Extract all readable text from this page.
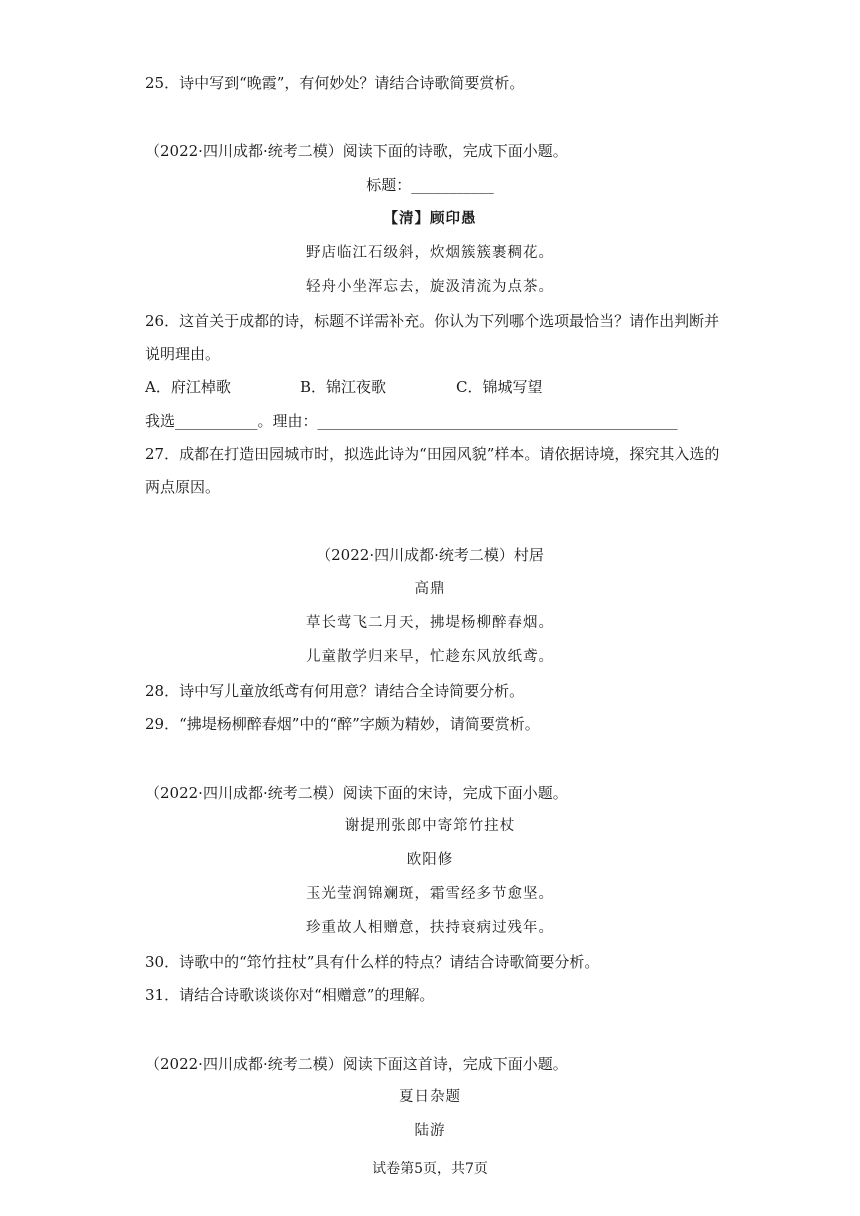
25．诗中写到“晚霞”，有何妙处？请结合诗歌简要赏析。
（2022·四川成都·统考二模）阅读下面的诗歌，完成下面小题。
标题：___________
【清】顾印愚
野店临江石级斜，炊烟簇簇裹稠花。
轻舟小坐浑忘去，旋汲清流为点茶。
26．这首关于成都的诗，标题不详需补充。你认为下列哪个选项最恰当？请作出判断并
说明理由。
A．府江棹歌	B．锦江夜歌	C．锦城写望
我选___________。理由：________________________________________________
27．成都在打造田园城市时，拟选此诗为“田园风貌”样本。请依据诗境，探究其入选的
两点原因。
（2022·四川成都·统考二模）村居
高鼎
草长莺飞二月天，拂堤杨柳醉春烟。
儿童散学归来早，忙趁东风放纸鸢。
28．诗中写儿童放纸鸢有何用意？请结合全诗简要分析。
29．“拂堤杨柳醉春烟”中的“醉”字颇为精妙，请简要赏析。
（2022·四川成都·统考二模）阅读下面的宋诗，完成下面小题。
谢提刑张郎中寄筇竹拄杖
欧阳修
玉光莹润锦斓斑，霜雪经多节愈坚。
珍重故人相赠意，扶持衰病过残年。
30．诗歌中的“筇竹拄杖”具有什么样的特点？请结合诗歌简要分析。
31．请结合诗歌谈谈你对“相赠意”的理解。
（2022·四川成都·统考二模）阅读下面这首诗，完成下面小题。
夏日杂题
陆游
试卷第5页，共7页
